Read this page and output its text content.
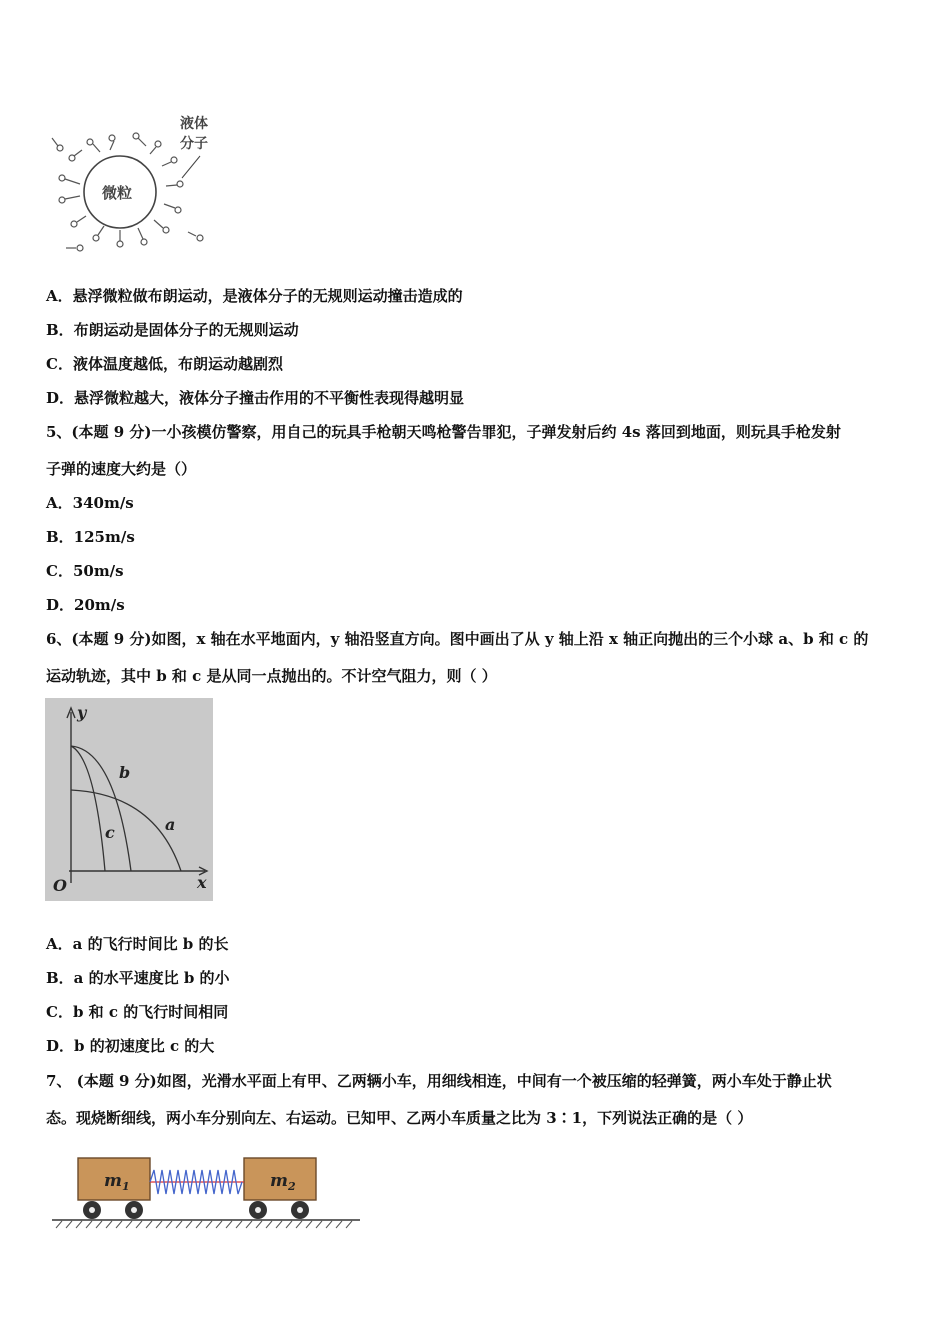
微粒
液体
分子
A．悬浮微粒做布朗运动，是液体分子的无规则运动撞击造成的
B．布朗运动是固体分子的无规则运动
C．液体温度越低，布朗运动越剧烈
D．悬浮微粒越大，液体分子撞击作用的不平衡性表现得越明显
5、(本题 9 分)一小孩模仿警察，用自己的玩具手枪朝天鸣枪警告罪犯，子弹发射后约 4s 落回到地面，则玩具手枪发射
子弹的速度大约是（）
A．340m/s
B．125m/s
C．50m/s
D．20m/s
6、(本题 9 分)如图，x 轴在水平地面内，y 轴沿竖直方向。图中画出了从 y 轴上沿 x 轴正向抛出的三个小球 a、b 和 c 的
运动轨迹，其中 b 和 c 是从同一点抛出的。不计空气阻力，则（ ）
y
x
O
b
c	a
A．a 的飞行时间比 b 的长
B．a 的水平速度比 b 的小
C．b 和 c 的飞行时间相同
D．b 的初速度比 c 的大
7、 (本题 9 分)如图，光滑水平面上有甲、乙两辆小车，用细线相连，中间有一个被压缩的轻弹簧，两小车处于静止状
态。现烧断细线，两小车分别向左、右运动。已知甲、乙两小车质量之比为 3∶1，下列说法正确的是（ ）
$m_1$	$m_2$
